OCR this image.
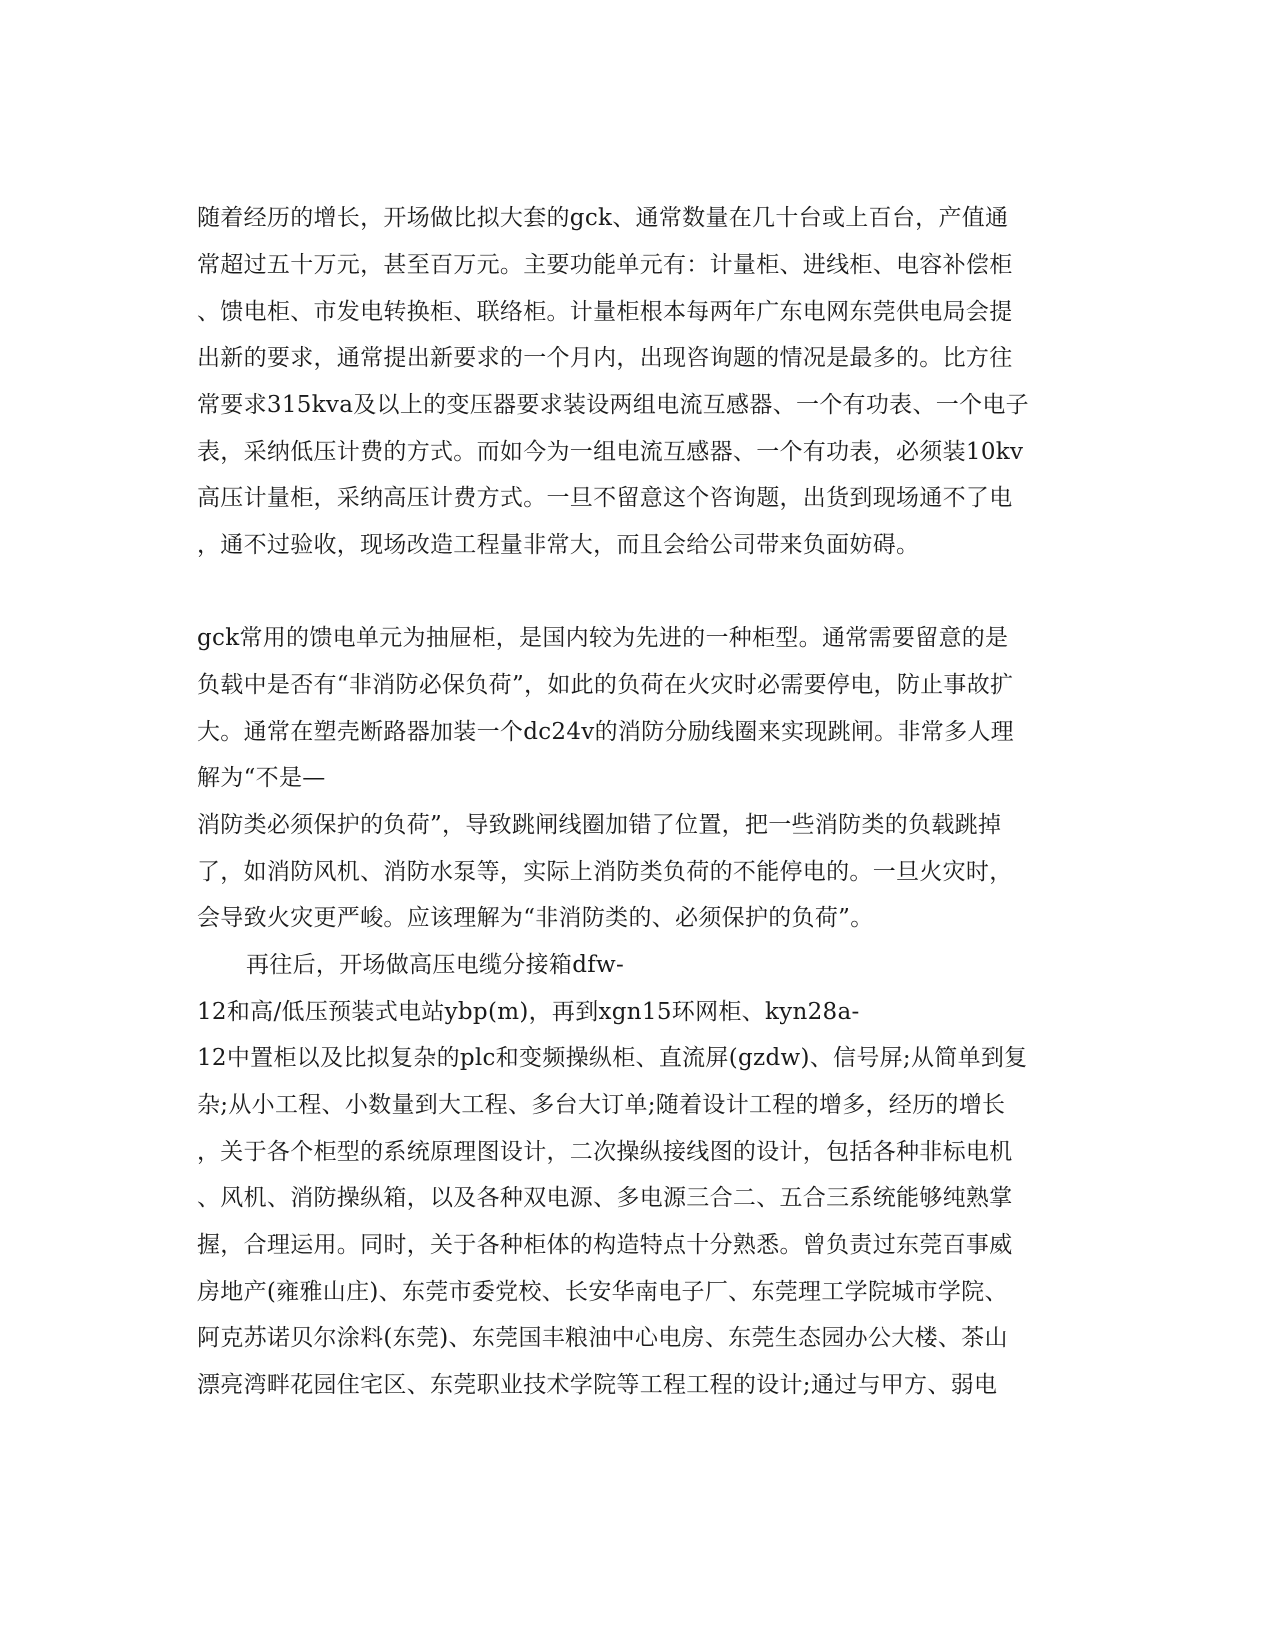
随着经历的增长，开场做比拟大套的gck、通常数量在几十台或上百台，产值通

常超过五十万元，甚至百万元。主要功能单元有：计量柜、进线柜、电容补偿柜

、馈电柜、市发电转换柜、联络柜。计量柜根本每两年广东电网东莞供电局会提

出新的要求，通常提出新要求的一个月内，出现咨询题的情况是最多的。比方往

常要求315kva及以上的变压器要求装设两组电流互感器、一个有功表、一个电子

表，采纳低压计费的方式。而如今为一组电流互感器、一个有功表，必须装10kv

高压计量柜，采纳高压计费方式。一旦不留意这个咨询题，出货到现场通不了电

，通不过验收，现场改造工程量非常大，而且会给公司带来负面妨碍。

gck常用的馈电单元为抽屉柜，是国内较为先进的一种柜型。通常需要留意的是

负载中是否有“非消防必保负荷”，如此的负荷在火灾时必需要停电，防止事故扩

大。通常在塑壳断路器加装一个dc24v的消防分励线圈来实现跳闸。非常多人理

解为“不是—

消防类必须保护的负荷”，导致跳闸线圈加错了位置，把一些消防类的负载跳掉

了，如消防风机、消防水泵等，实际上消防类负荷的不能停电的。一旦火灾时，

会导致火灾更严峻。应该理解为“非消防类的、必须保护的负荷”。

再往后，开场做高压电缆分接箱dfw-

12和高/低压预装式电站ybp(m)，再到xgn15环网柜、kyn28a-

12中置柜以及比拟复杂的plc和变频操纵柜、直流屏(gzdw)、信号屏;从简单到复

杂;从小工程、小数量到大工程、多台大订单;随着设计工程的增多，经历的增长

，关于各个柜型的系统原理图设计，二次操纵接线图的设计，包括各种非标电机

、风机、消防操纵箱，以及各种双电源、多电源三合二、五合三系统能够纯熟掌

握，合理运用。同时，关于各种柜体的构造特点十分熟悉。曾负责过东莞百事威

房地产(雍雅山庄)、东莞市委党校、长安华南电子厂、东莞理工学院城市学院、

阿克苏诺贝尔涂料(东莞)、东莞国丰粮油中心电房、东莞生态园办公大楼、茶山

漂亮湾畔花园住宅区、东莞职业技术学院等工程工程的设计;通过与甲方、弱电
